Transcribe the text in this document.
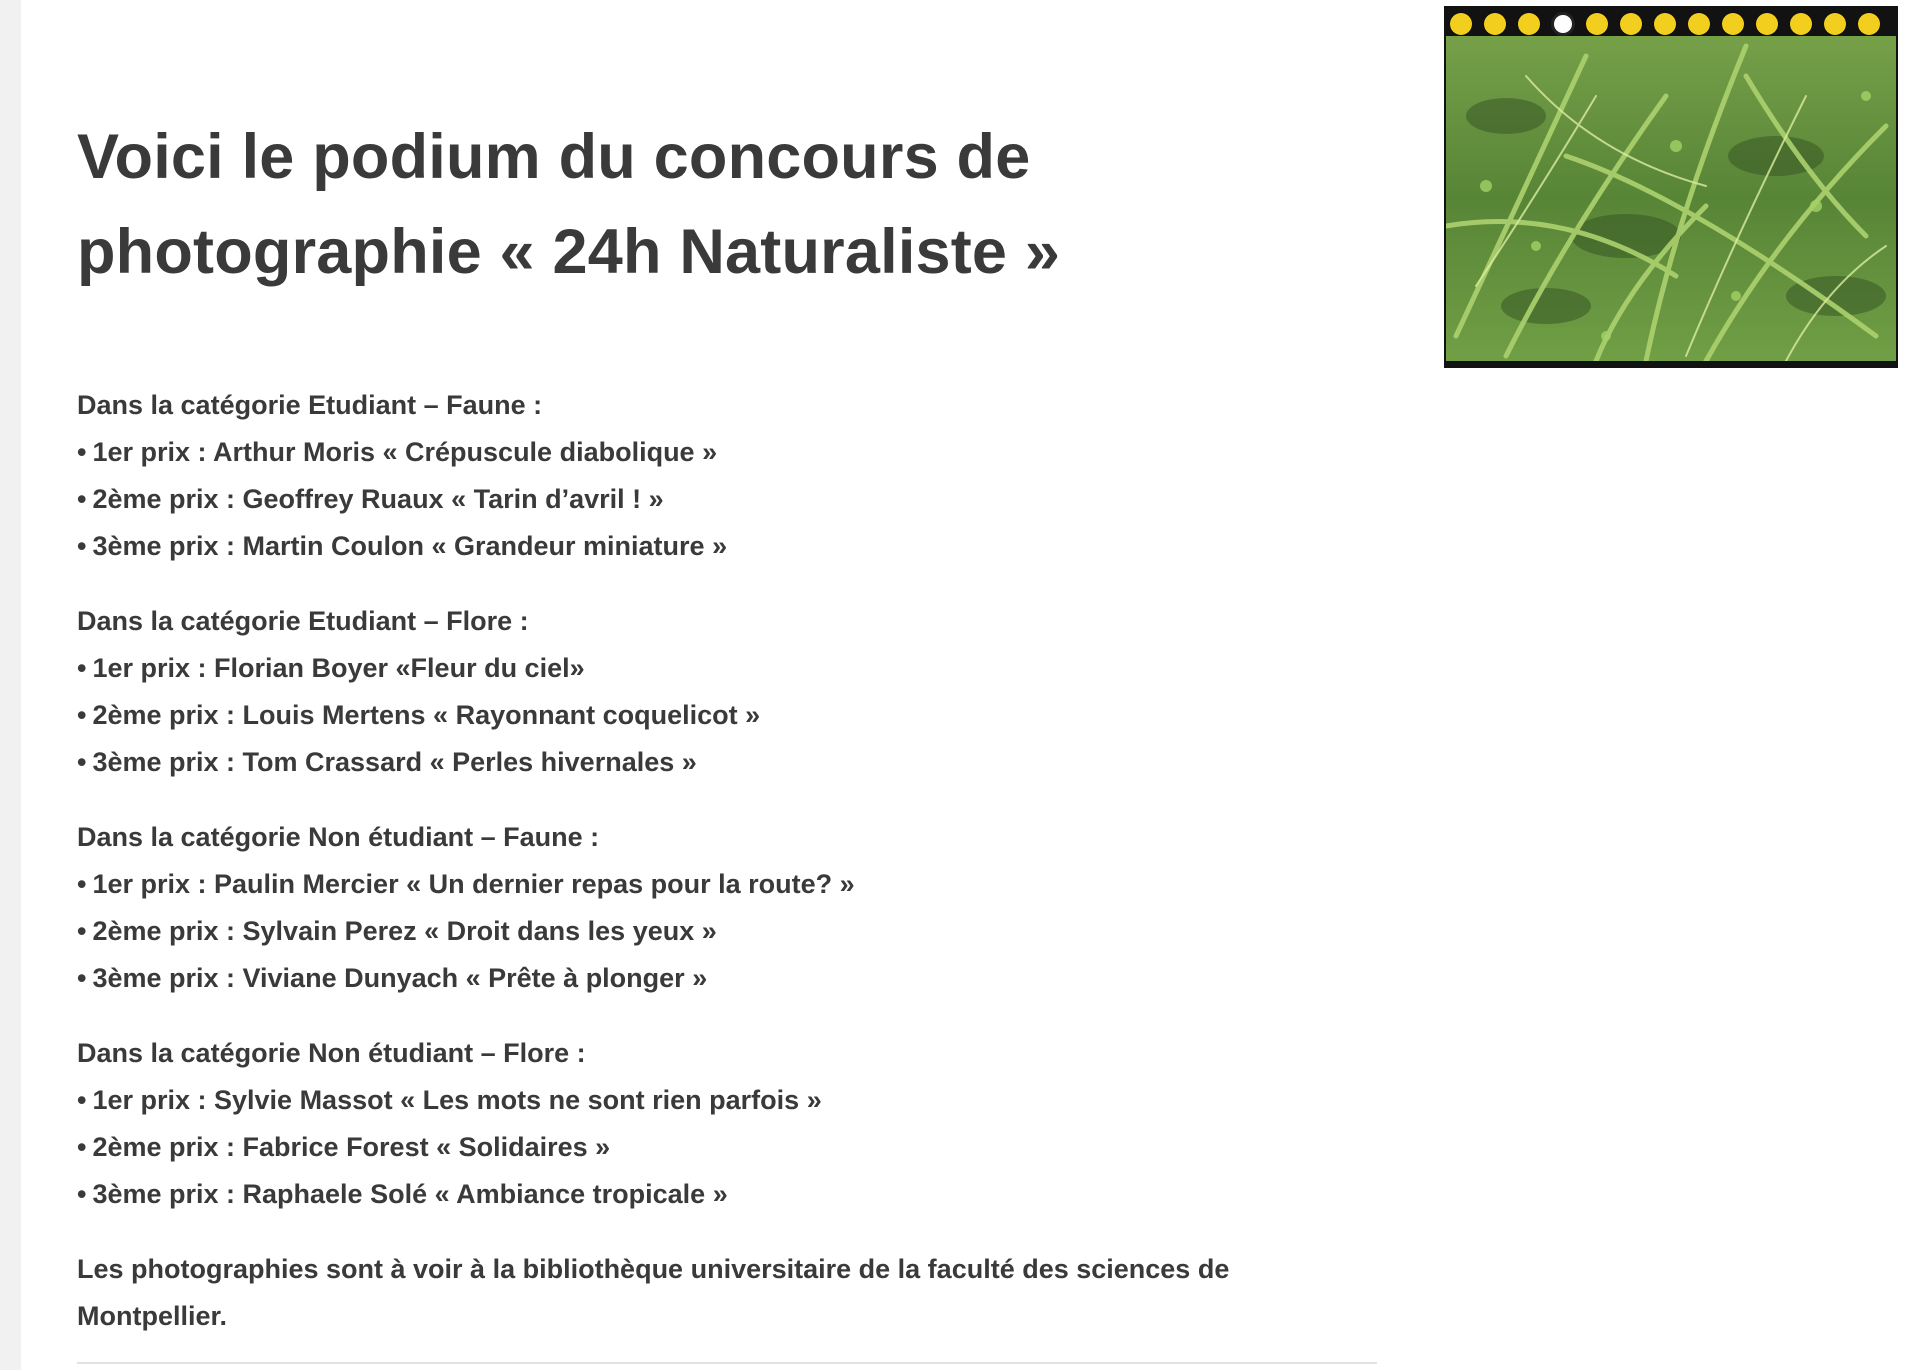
Voici le podium du concours de
photographie « 24h Naturaliste »

Dans la catégorie Etudiant – Faune :

• 1er prix : Arthur Moris « Crépuscule diabolique »
• 2ème prix : Geoffrey Ruaux « Tarin d’avril ! »
• 3ème prix : Martin Coulon « Grandeur miniature »

Dans la catégorie Etudiant – Flore :

• 1er prix : Florian Boyer «Fleur du ciel»
• 2ème prix : Louis Mertens « Rayonnant coquelicot »
• 3ème prix : Tom Crassard « Perles hivernales »

Dans la catégorie Non étudiant – Faune :

• 1er prix : Paulin Mercier « Un dernier repas pour la route? »
• 2ème prix : Sylvain Perez « Droit dans les yeux »
• 3ème prix : Viviane Dunyach « Prête à plonger »

Dans la catégorie Non étudiant – Flore :

• 1er prix : Sylvie Massot « Les mots ne sont rien parfois »
• 2ème prix : Fabrice Forest « Solidaires »
• 3ème prix : Raphaele Solé « Ambiance tropicale »

Les photographies sont à voir à la bibliothèque universitaire de la faculté des sciences de
Montpellier.
